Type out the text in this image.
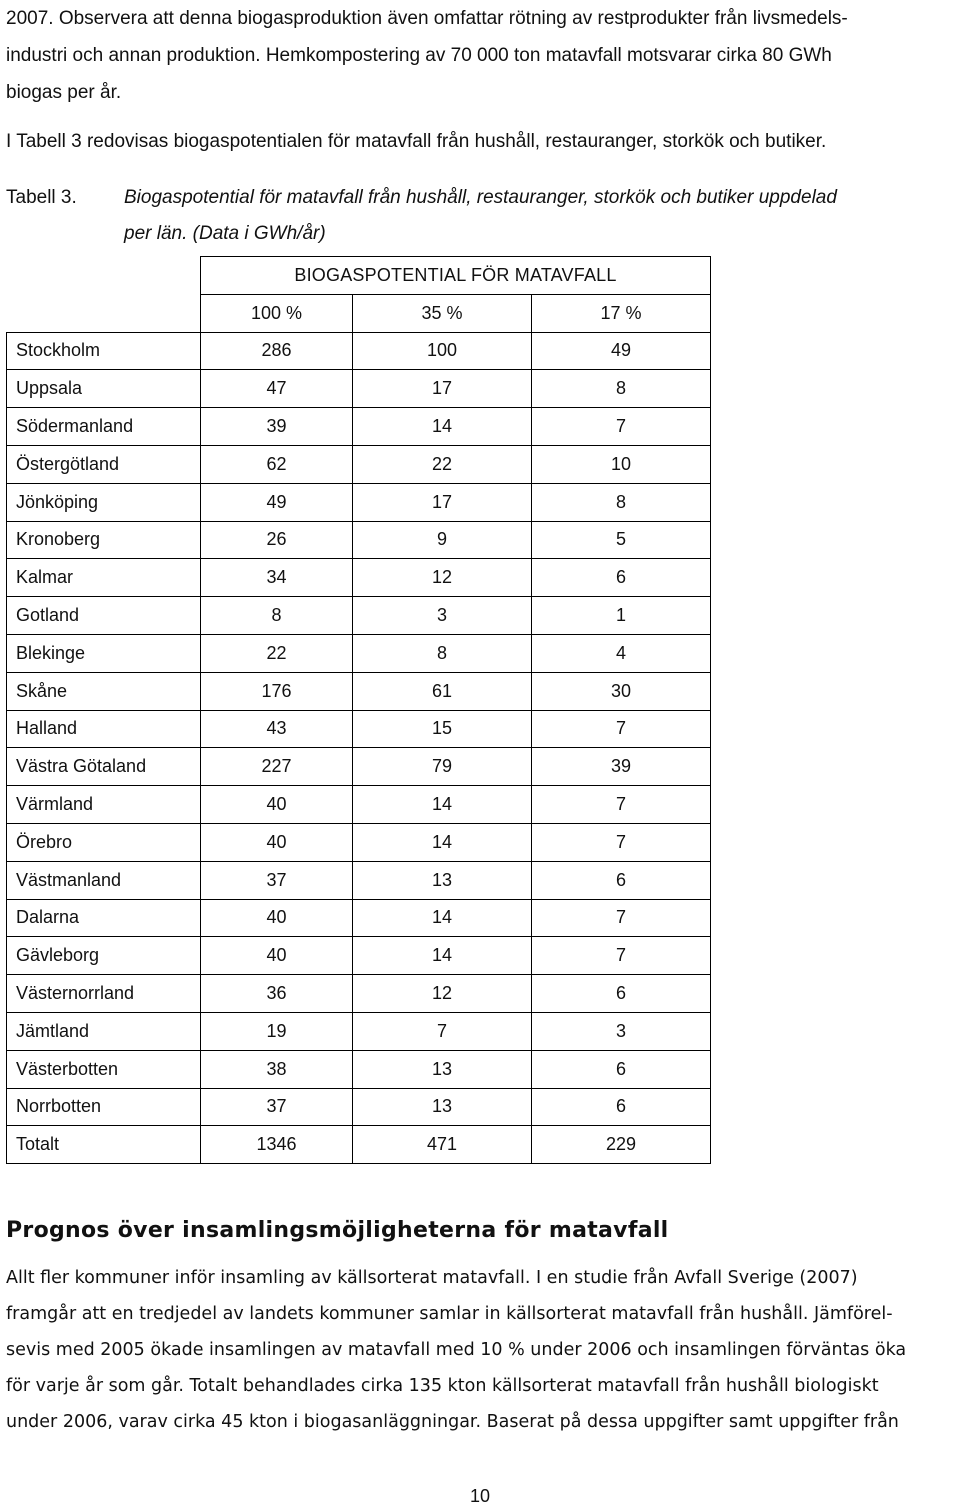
2007. Observera att denna biogasproduktion även omfattar rötning av restprodukter från livsmedels-
industri och annan produktion. Hemkompostering av 70 000 ton matavfall motsvarar cirka 80 GWh
biogas per år.
I Tabell 3 redovisas biogaspotentialen för matavfall från hushåll, restauranger, storkök och butiker.
Tabell 3. Biogaspotential för matavfall från hushåll, restauranger, storkök och butiker uppdelad
per län. (Data i GWh/år)
	BIOGASPOTENTIAL FÖR MATAVFALL		
	100 %	35 %	17 %
Stockholm	286	100	49
Uppsala	47	17	8
Södermanland	39	14	7
Östergötland	62	22	10
Jönköping	49	17	8
Kronoberg	26	9	5
Kalmar	34	12	6
Gotland	8	3	1
Blekinge	22	8	4
Skåne	176	61	30
Halland	43	15	7
Västra Götaland	227	79	39
Värmland	40	14	7
Örebro	40	14	7
Västmanland	37	13	6
Dalarna	40	14	7
Gävleborg	40	14	7
Västernorrland	36	12	6
Jämtland	19	7	3
Västerbotten	38	13	6
Norrbotten	37	13	6
Totalt	1346	471	229
Prognos över insamlingsmöjligheterna för matavfall
Allt fler kommuner inför insamling av källsorterat matavfall. I en studie från Avfall Sverige (2007)
framgår att en tredjedel av landets kommuner samlar in källsorterat matavfall från hushåll. Jämförel-
sevis med 2005 ökade insamlingen av matavfall med 10 % under 2006 och insamlingen förväntas öka
för varje år som går. Totalt behandlades cirka 135 kton källsorterat matavfall från hushåll biologiskt
under 2006, varav cirka 45 kton i biogasanläggningar. Baserat på dessa uppgifter samt uppgifter från
10
